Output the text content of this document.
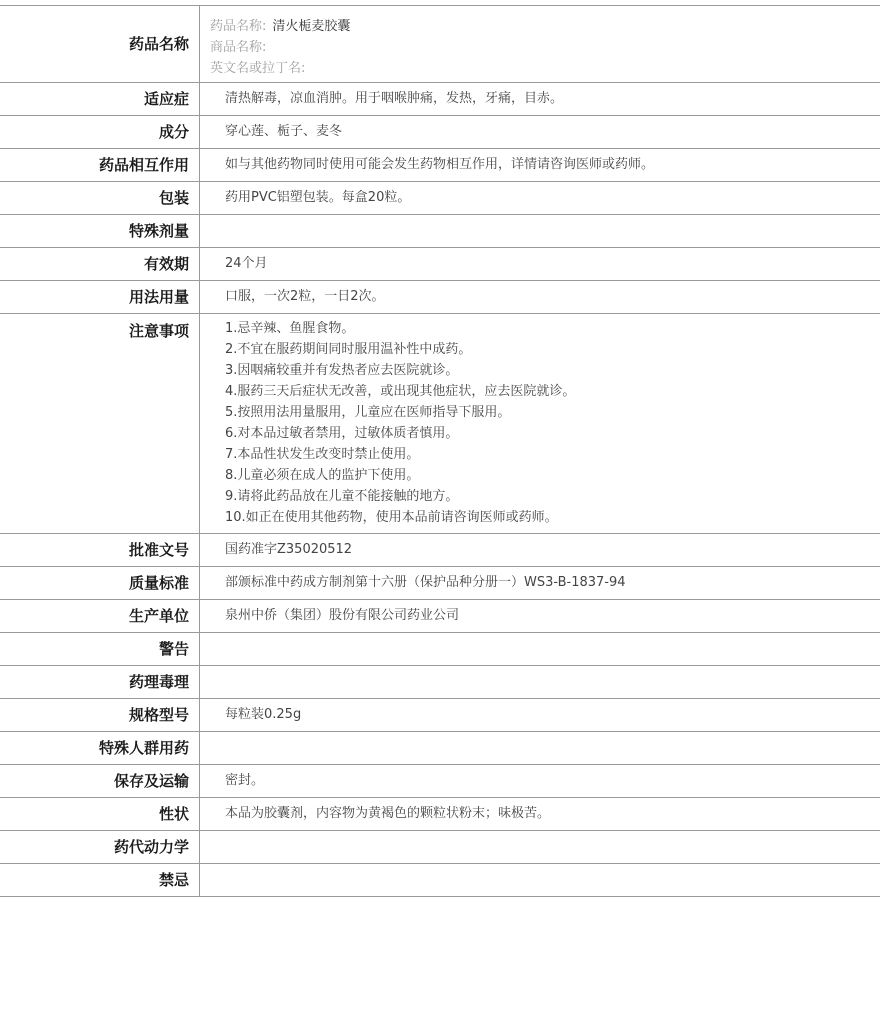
药品名称
药品名称: 清火栀麦胶囊
商品名称:
英文名或拉丁名:
适应症	清热解毒，凉血消肿。用于咽喉肿痛，发热，牙痛，目赤。
成分	穿心莲、栀子、麦冬
药品相互作用	如与其他药物同时使用可能会发生药物相互作用，详情请咨询医师或药师。
包装	药用PVC铝塑包装。每盒20粒。
特殊剂量
有效期	24个月
用法用量	口服，一次2粒，一日2次。
注意事项	1.忌辛辣、鱼腥食物。
2.不宜在服药期间同时服用温补性中成药。
3.因咽痛较重并有发热者应去医院就诊。
4.服药三天后症状无改善，或出现其他症状，应去医院就诊。
5.按照用法用量服用，儿童应在医师指导下服用。
6.对本品过敏者禁用，过敏体质者慎用。
7.本品性状发生改变时禁止使用。
8.儿童必须在成人的监护下使用。
9.请将此药品放在儿童不能接触的地方。
10.如正在使用其他药物，使用本品前请咨询医师或药师。
批准文号	国药准字Z35020512
质量标准	部颁标准中药成方制剂第十六册（保护品种分册一）WS3-B-1837-94
生产单位	泉州中侨（集团）股份有限公司药业公司
警告
药理毒理
规格型号	每粒装0.25g
特殊人群用药
保存及运输	密封。
性状	本品为胶囊剂，内容物为黄褐色的颗粒状粉末；味极苦。
药代动力学
禁忌
